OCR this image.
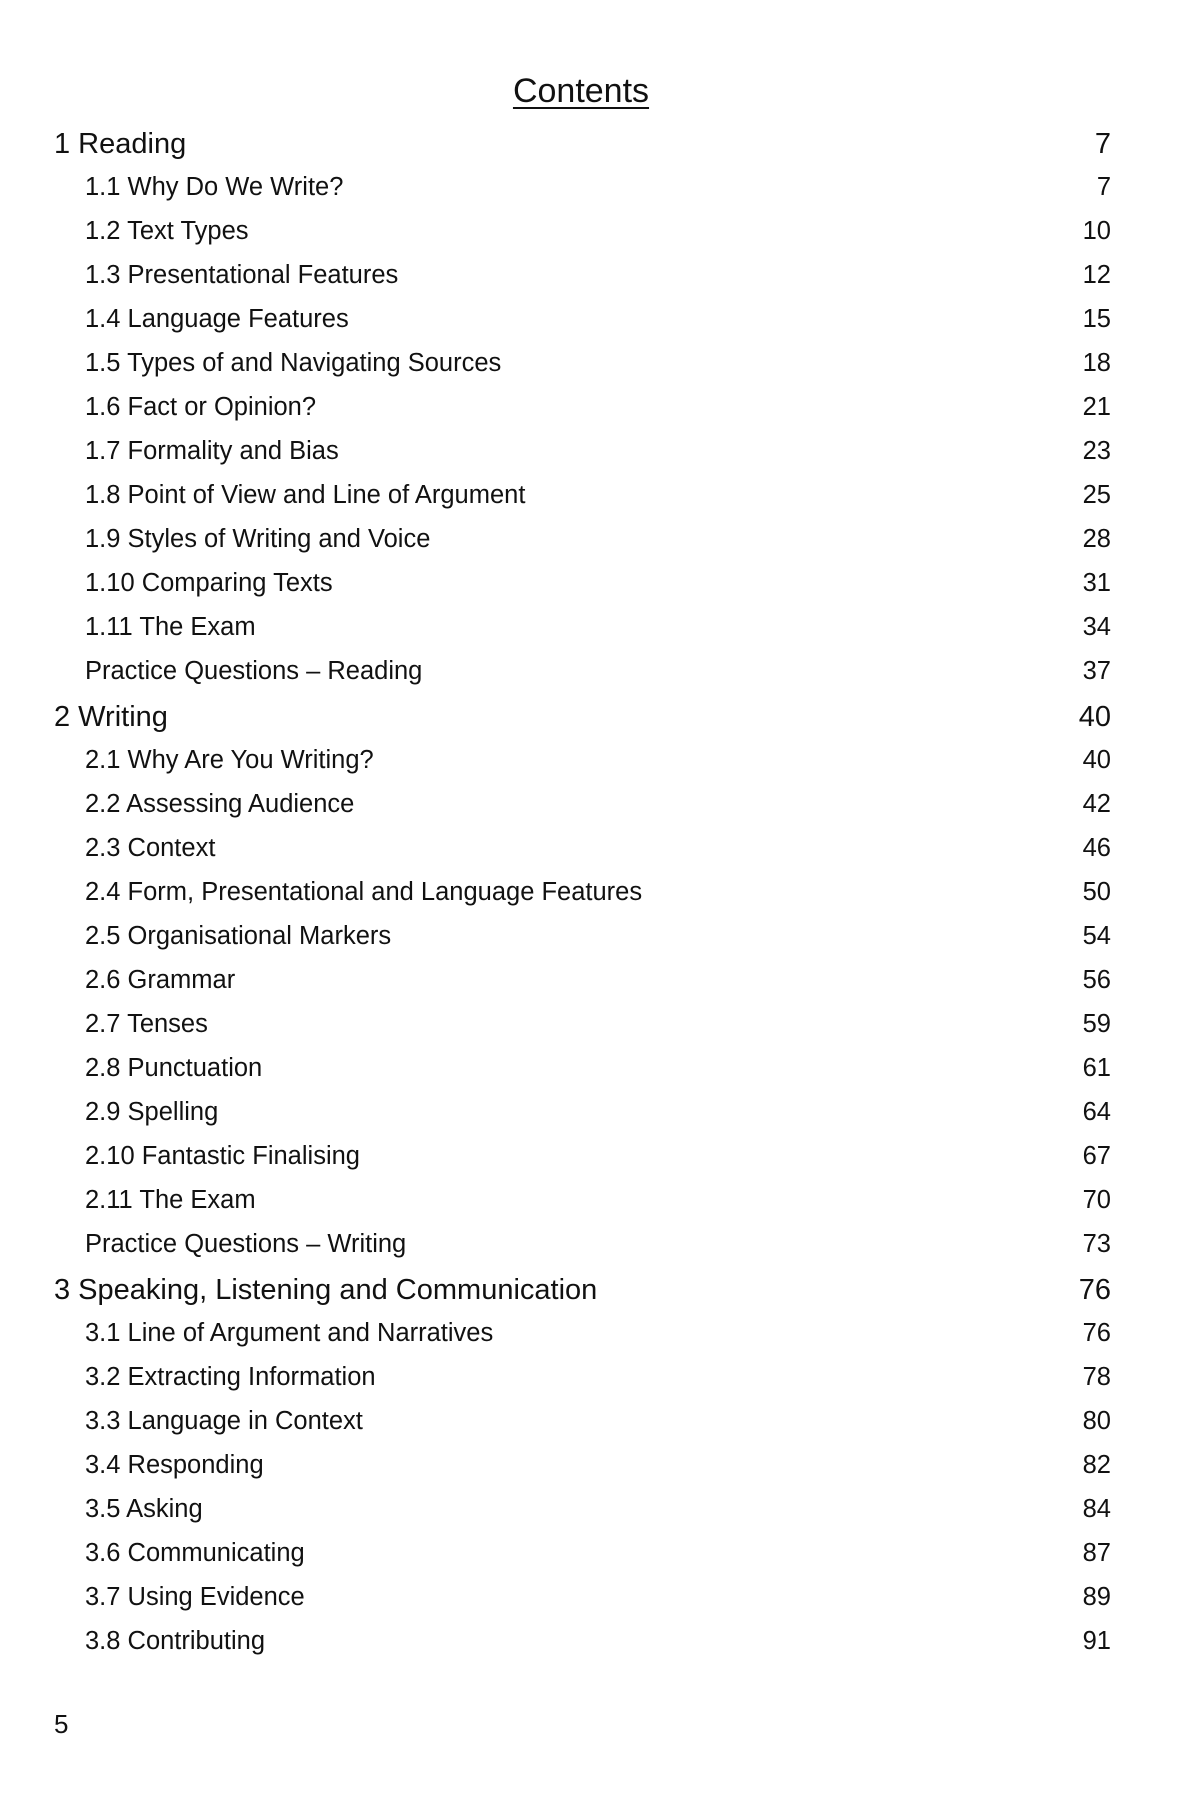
Contents
1 Reading	7
1.1 Why Do We Write?	7
1.2 Text Types	10
1.3 Presentational Features	12
1.4 Language Features	15
1.5 Types of and Navigating Sources	18
1.6 Fact or Opinion?	21
1.7 Formality and Bias	23
1.8 Point of View and Line of Argument	25
1.9 Styles of Writing and Voice	28
1.10 Comparing Texts	31
1.11 The Exam	34
Practice Questions – Reading	37
2 Writing	40
2.1 Why Are You Writing?	40
2.2 Assessing Audience	42
2.3 Context	46
2.4 Form, Presentational and Language Features	50
2.5 Organisational Markers	54
2.6 Grammar	56
2.7 Tenses	59
2.8 Punctuation	61
2.9 Spelling	64
2.10 Fantastic Finalising	67
2.11 The Exam	70
Practice Questions – Writing	73
3 Speaking, Listening and Communication	76
3.1 Line of Argument and Narratives	76
3.2 Extracting Information	78
3.3 Language in Context	80
3.4 Responding	82
3.5 Asking	84
3.6 Communicating	87
3.7 Using Evidence	89
3.8 Contributing	91
5
